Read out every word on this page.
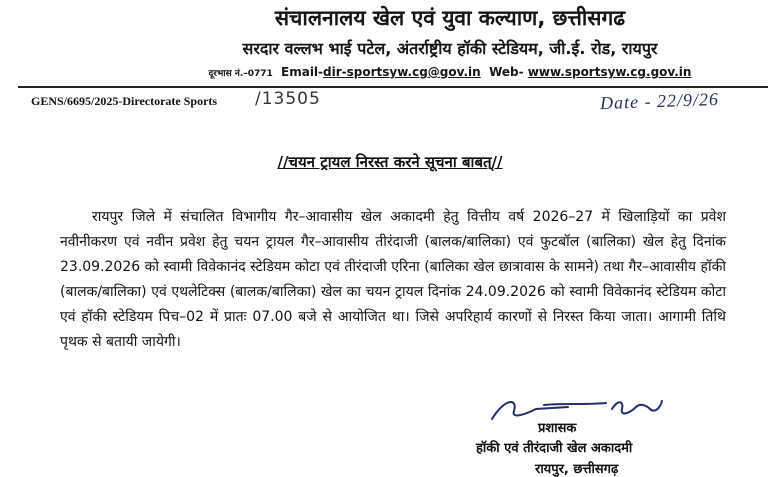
संचालनालय खेल एवं युवा कल्याण, छत्तीसगढ
सरदार वल्लभ भाई पटेल, अंतर्राष्ट्रीय हॉकी स्टेडियम, जी.ई. रोड, रायपुर
दूरभास नं.–0771 Email-dir-sportsyw.cg@gov.in Web- www.sportsyw.cg.gov.in
GENS/6695/2025-Directorate Sports /13505	Date - 22/9/26
//चयन ट्रायल निरस्त करने सूचना बाबत्//
रायपुर जिले में संचालित विभागीय गैर–आवासीय खेल अकादमी हेतु वित्तीय वर्ष 2026–27 में खिलाड़ियों का प्रवेश नवीनीकरण एवं नवीन प्रवेश हेतु चयन ट्रायल गैर–आवासीय तीरंदाजी (बालक/बालिका) एवं फुटबॉल (बालिका) खेल हेतु दिनांक 23.09.2026 को स्वामी विवेकानंद स्टेडियम कोटा एवं तीरंदाजी एरिना (बालिका खेल छात्रावास के सामने) तथा गैर–आवासीय हॉकी (बालक/बालिका) एवं एथलेटिक्स (बालक/बालिका) खेल का चयन ट्रायल दिनांक 24.09.2026 को स्वामी विवेकानंद स्टेडियम कोटा एवं हॉकी स्टेडियम पिच–02 में प्रातः 07.00 बजे से आयोजित था। जिसे अपरिहार्य कारणों से निरस्त किया जाता। आगामी तिथि पृथक से बतायी जायेगी।
प्रशासक
हॉकी एवं तीरंदाजी खेल अकादमी
रायपुर, छत्तीसगढ़
